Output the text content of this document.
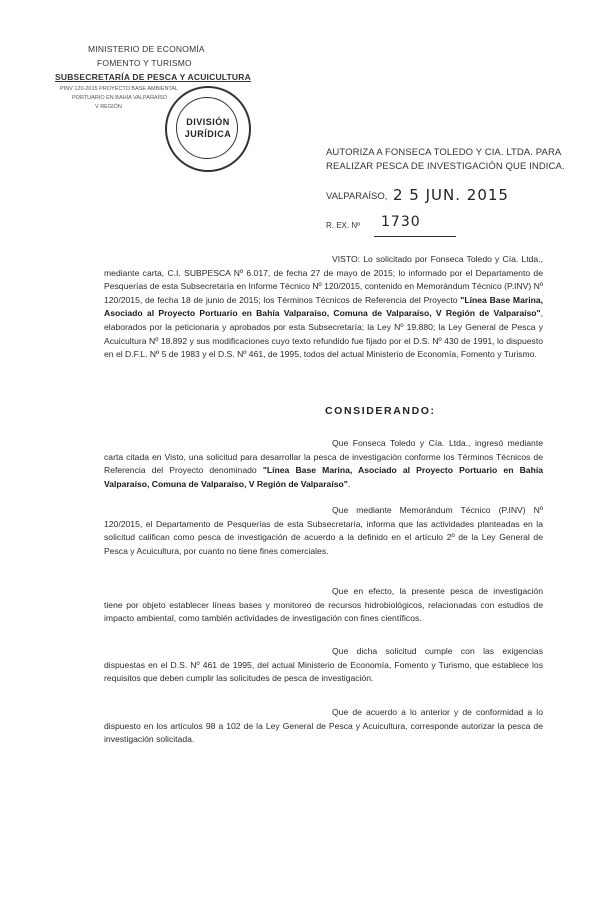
MINISTERIO DE ECONOMÍA
FOMENTO Y TURISMO
SUBSECRETARÍA DE PESCA Y ACUICULTURA
PINV 120-2015 PROYECTO BASE AMBIENTAL
PORTUARIO EN BAHÍA VALPARAÍSO
V REGIÓN
DIVISIÓN
JURÍDICA
AUTORIZA A FONSECA TOLEDO Y CIA. LTDA. PARA
REALIZAR PESCA DE INVESTIGACIÓN QUE INDICA.
VALPARAÍSO, 2 5 JUN. 2015
R. EX. Nº 1730
VISTO: Lo solicitado por Fonseca Toledo y Cía. Ltda., mediante carta, C.I. SUBPESCA Nº 6.017, de fecha 27 de mayo de 2015; lo informado por el Departamento de Pesquerías de esta Subsecretaría en Informe Técnico Nº 120/2015, contenido en Memorándum Técnico (P.INV) Nº 120/2015, de fecha 18 de junio de 2015; los Términos Técnicos de Referencia del Proyecto "Línea Base Marina, Asociado al Proyecto Portuario en Bahía Valparaíso, Comuna de Valparaíso, V Región de Valparaíso", elaborados por la peticionaria y aprobados por esta Subsecretaría; la Ley Nº 19.880; la Ley General de Pesca y Acuicultura Nº 18.892 y sus modificaciones cuyo texto refundido fue fijado por el D.S. Nº 430 de 1991, lo dispuesto en el D.F.L. Nº 5 de 1983 y el D.S. Nº 461, de 1995, todos del actual Ministerio de Economía, Fomento y Turismo.
CONSIDERANDO:
Que Fonseca Toledo y Cía. Ltda., ingresó mediante carta citada en Visto, una solicitud para desarrollar la pesca de investigación conforme los Términos Técnicos de Referencia del Proyecto denominado "Línea Base Marina, Asociado al Proyecto Portuario en Bahía Valparaíso, Comuna de Valparaíso, V Región de Valparaíso".
Que mediante Memorándum Técnico (P.INV) Nº 120/2015, el Departamento de Pesquerías de esta Subsecretaría, informa que las actividades planteadas en la solicitud califican como pesca de investigación de acuerdo a la definido en el artículo 2º de la Ley General de Pesca y Acuicultura, por cuanto no tiene fines comerciales.
Que en efecto, la presente pesca de investigación tiene por objeto establecer líneas bases y monitoreo de recursos hidrobiológicos, relacionadas con estudios de impacto ambiental, como también actividades de investigación con fines científicos.
Que dicha solicitud cumple con las exigencias dispuestas en el D.S. Nº 461 de 1995, del actual Ministerio de Economía, Fomento y Turismo, que establece los requisitos que deben cumplir las solicitudes de pesca de investigación.
Que de acuerdo a lo anterior y de conformidad a lo dispuesto en los artículos 98 a 102 de la Ley General de Pesca y Acuicultura, corresponde autorizar la pesca de investigación solicitada.
